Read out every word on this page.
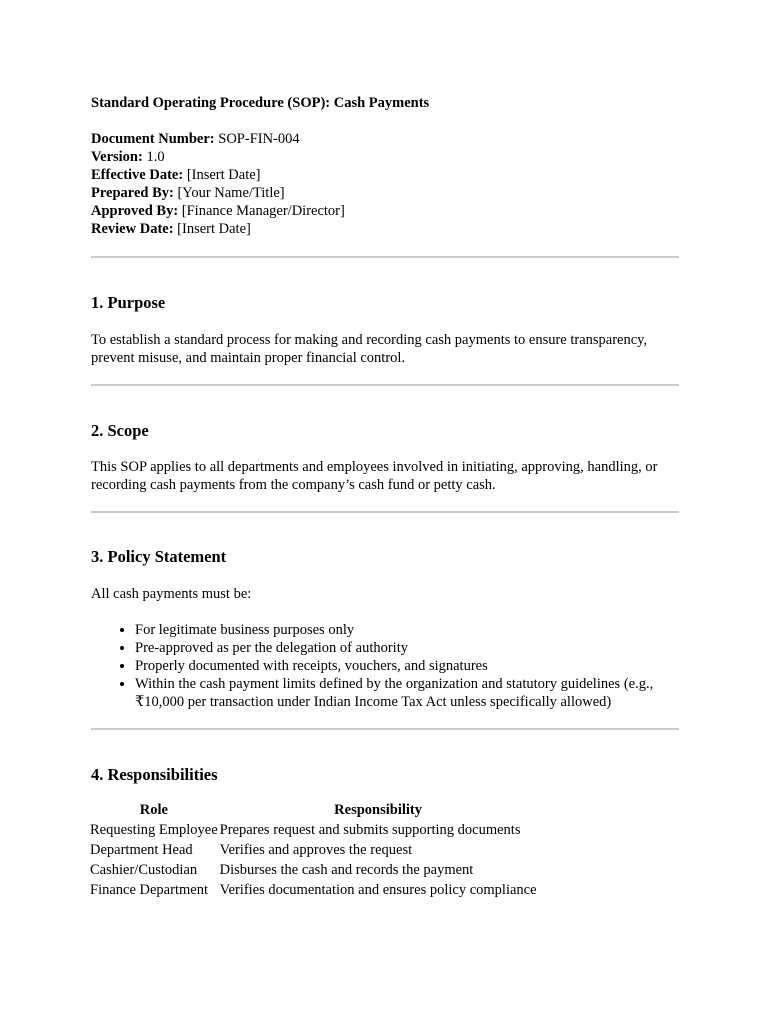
Standard Operating Procedure (SOP): Cash Payments

Document Number: SOP-FIN-004
Version: 1.0
Effective Date: [Insert Date]
Prepared By: [Your Name/Title]
Approved By: [Finance Manager/Director]
Review Date: [Insert Date]
1. Purpose

To establish a standard process for making and recording cash payments to ensure transparency, prevent misuse, and maintain proper financial control.

2. Scope

This SOP applies to all departments and employees involved in initiating, approving, handling, or recording cash payments from the company’s cash fund or petty cash.

3. Policy Statement

All cash payments must be:

• For legitimate business purposes only
• Pre-approved as per the delegation of authority
• Properly documented with receipts, vouchers, and signatures
• Within the cash payment limits defined by the organization and statutory guidelines (e.g., ₹10,000 per transaction under Indian Income Tax Act unless specifically allowed)
4. Responsibilities
Role	Responsibility
Requesting Employee	Prepares request and submits supporting documents
Department Head	Verifies and approves the request
Cashier/Custodian	Disburses the cash and records the payment
Finance Department	Verifies documentation and ensures policy compliance
